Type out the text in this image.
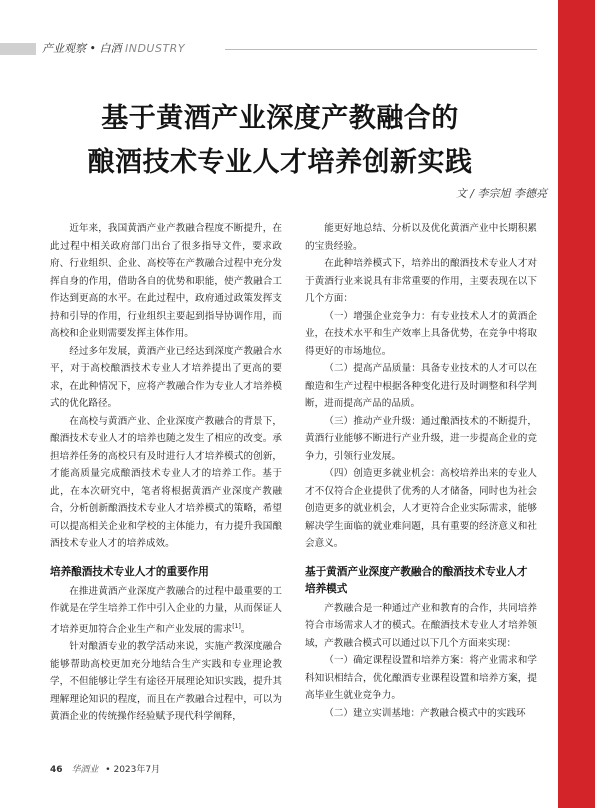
产业观察 • 白酒 INDUSTRY
基于黄酒产业深度产教融合的
酿酒技术专业人才培养创新实践
文 / 李宗旭 李德亮

近年来，我国黄酒产业产教融合程度不断提升，在此过程中相关政府部门出台了很多指导文件，要求政府、行业组织、企业、高校等在产教融合过程中充分发挥自身的作用，借助各自的优势和职能，使产教融合工作达到更高的水平。在此过程中，政府通过政策发挥支持和引导的作用，行业组织主要起到指导协调作用，而高校和企业则需要发挥主体作用。

经过多年发展，黄酒产业已经达到深度产教融合水平，对于高校酿酒技术专业人才培养提出了更高的要求，在此种情况下，应将产教融合作为专业人才培养模式的优化路径。

在高校与黄酒产业、企业深度产教融合的背景下，酿酒技术专业人才的培养也随之发生了相应的改变。承担培养任务的高校只有及时进行人才培养模式的创新，才能高质量完成酿酒技术专业人才的培养工作。基于此，在本次研究中，笔者将根据黄酒产业深度产教融合，分析创新酿酒技术专业人才培养模式的策略，希望可以提高相关企业和学校的主体能力，有力提升我国酿酒技术专业人才的培养成效。

培养酿酒技术专业人才的重要作用

在推进黄酒产业深度产教融合的过程中最重要的工作就是在学生培养工作中引入企业的力量，从而保证人才培养更加符合企业生产和产业发展的需求[1]。

针对酿酒专业的教学活动来说，实施产教深度融合能够帮助高校更加充分地结合生产实践和专业理论教学，不但能够让学生有途径开展理论知识实践，提升其理解理论知识的程度，而且在产教融合过程中，可以为黄酒企业的传统操作经验赋予现代科学阐释，

能更好地总结、分析以及优化黄酒产业中长期积累的宝贵经验。

在此种培养模式下，培养出的酿酒技术专业人才对于黄酒行业来说具有非常重要的作用，主要表现在以下几个方面：

（一）增强企业竞争力：有专业技术人才的黄酒企业，在技术水平和生产效率上具备优势，在竞争中将取得更好的市场地位。

（二）提高产品质量：具备专业技术的人才可以在酿造和生产过程中根据各种变化进行及时调整和科学判断，进而提高产品的品质。

（三）推动产业升级：通过酿酒技术的不断提升，黄酒行业能够不断进行产业升级，进一步提高企业的竞争力，引领行业发展。

（四）创造更多就业机会：高校培养出来的专业人才不仅符合企业提供了优秀的人才储备，同时也为社会创造更多的就业机会，人才更符合企业实际需求，能够解决学生面临的就业难问题，具有重要的经济意义和社会意义。

基于黄酒产业深度产教融合的酿酒技术专业人才培养模式

产教融合是一种通过产业和教育的合作，共同培养符合市场需求人才的模式。在酿酒技术专业人才培养领域，产教融合模式可以通过以下几个方面来实现：

（一）确定课程设置和培养方案：将产业需求和学科知识相结合，优化酿酒专业课程设置和培养方案，提高毕业生就业竞争力。

（二）建立实训基地：产教融合模式中的实践环

46 华酒业 • 2023年7月
